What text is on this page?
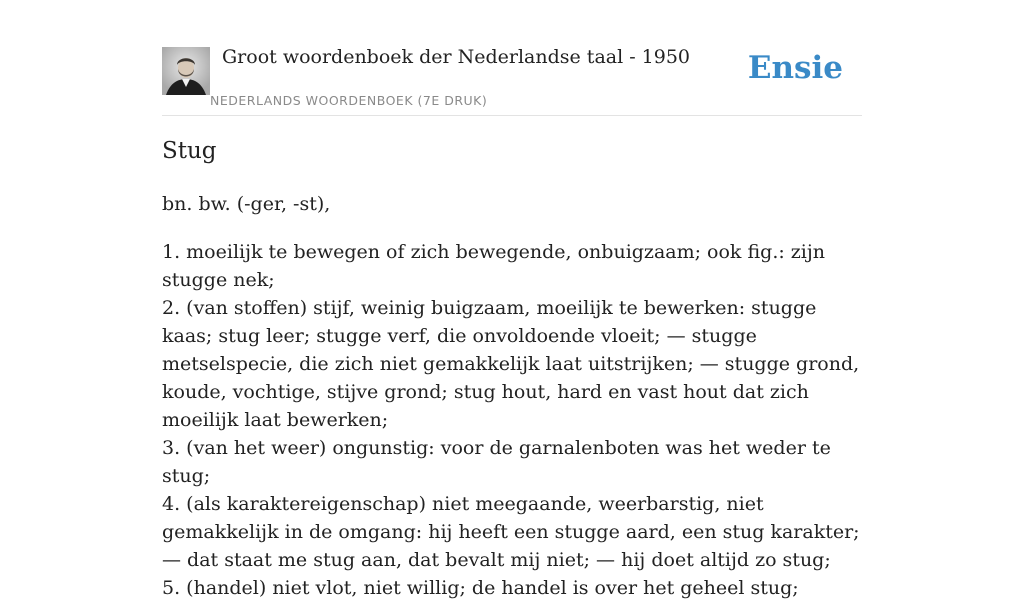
Groot woordenboek der Nederlandse taal - 1950
NEDERLANDS WOORDENBOEK (7E DRUK)
Ensie
Stug

bn. bw. (-ger, -st),

1. moeilijk te bewegen of zich bewegende, onbuigzaam; ook fig.: zijn stugge nek;
2. (van stoffen) stijf, weinig buigzaam, moeilijk te bewerken: stugge kaas; stug leer; stugge verf, die onvoldoende vloeit; — stugge metselspecie, die zich niet gemakkelijk laat uitstrijken; — stugge grond, koude, vochtige, stijve grond; stug hout, hard en vast hout dat zich moeilijk laat bewerken;
3. (van het weer) ongunstig: voor de garnalenboten was het weder te stug;
4. (als karaktereigenschap) niet meegaande, weerbarstig, niet gemakkelijk in de omgang: hij heeft een stugge aard, een stug karakter; — dat staat me stug aan, dat bevalt mij niet; — hij doet altijd zo stug;
5. (handel) niet vlot, niet willig; de handel is over het geheel stug;
